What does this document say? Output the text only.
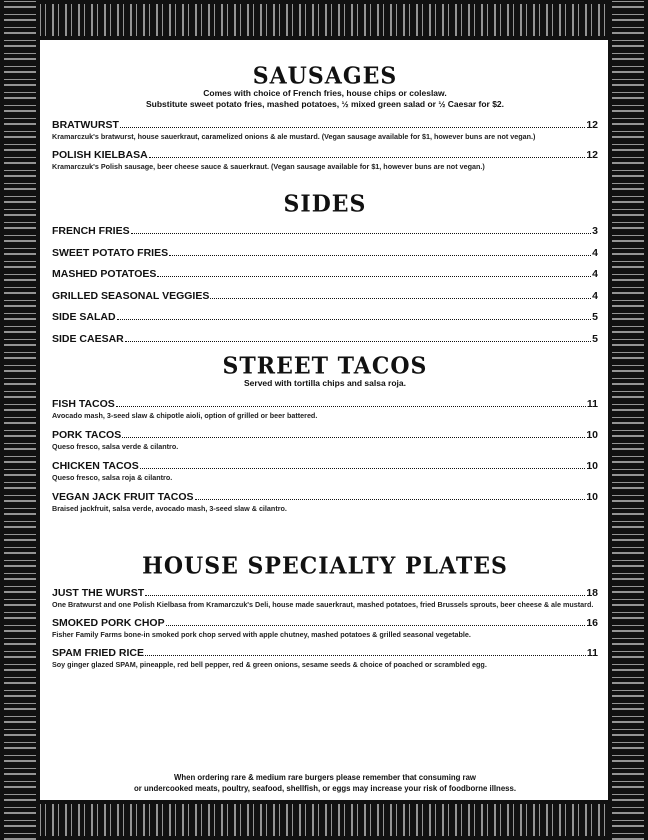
SAUSAGES
Comes with choice of French fries, house chips or coleslaw.
Substitute sweet potato fries, mashed potatoes, ½ mixed green salad or ½ Caesar for $2.
BRATWURST	12
Kramarczuk's bratwurst, house sauerkraut, caramelized onions & ale mustard. (Vegan sausage available for $1, however buns are not vegan.)
POLISH KIELBASA	12
Kramarczuk's Polish sausage, beer cheese sauce & sauerkraut. (Vegan sausage available for $1, however buns are not vegan.)
SIDES
FRENCH FRIES	3
SWEET POTATO FRIES	4
MASHED POTATOES	4
GRILLED SEASONAL VEGGIES	4
SIDE SALAD	5
SIDE CAESAR	5
STREET TACOS
Served with tortilla chips and salsa roja.
FISH TACOS	11
Avocado mash, 3-seed slaw & chipotle aioli, option of grilled or beer battered.
PORK TACOS	10
Queso fresco, salsa verde & cilantro.
CHICKEN TACOS	10
Queso fresco, salsa roja & cilantro.
VEGAN JACK FRUIT TACOS	10
Braised jackfruit, salsa verde, avocado mash, 3-seed slaw & cilantro.
HOUSE SPECIALTY PLATES
JUST THE WURST	18
One Bratwurst and one Polish Kielbasa from Kramarczuk's Deli, house made sauerkraut, mashed potatoes, fried Brussels sprouts, beer cheese & ale mustard.
SMOKED PORK CHOP	16
Fisher Family Farms bone-in smoked pork chop served with apple chutney, mashed potatoes & grilled seasonal vegetable.
SPAM FRIED RICE	11
Soy ginger glazed SPAM, pineapple, red bell pepper, red & green onions, sesame seeds & choice of poached or scrambled egg.
When ordering rare & medium rare burgers please remember that consuming raw
or undercooked meats, poultry, seafood, shellfish, or eggs may increase your risk of foodborne illness.
